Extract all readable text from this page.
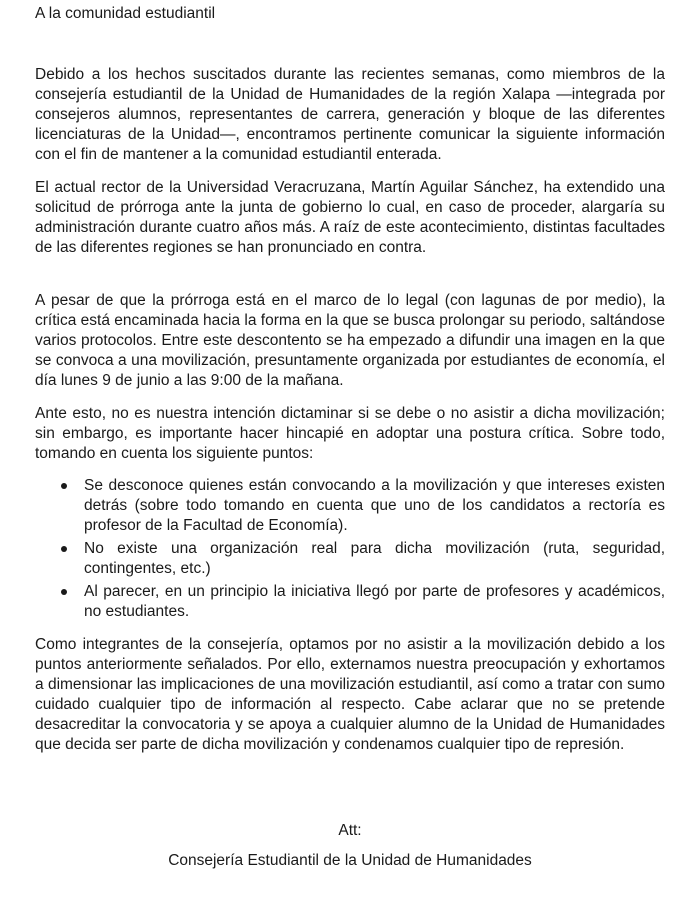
A la comunidad estudiantil

Debido a los hechos suscitados durante las recientes semanas, como miembros de la consejería estudiantil de la Unidad de Humanidades de la región Xalapa —integrada por consejeros alumnos, representantes de carrera, generación y bloque de las diferentes licenciaturas de la Unidad—, encontramos pertinente comunicar la siguiente información con el fin de mantener a la comunidad estudiantil enterada.

El actual rector de la Universidad Veracruzana, Martín Aguilar Sánchez, ha extendido una solicitud de prórroga ante la junta de gobierno lo cual, en caso de proceder, alargaría su administración durante cuatro años más. A raíz de este acontecimiento, distintas facultades de las diferentes regiones se han pronunciado en contra.

A pesar de que la prórroga está en el marco de lo legal (con lagunas de por medio), la crítica está encaminada hacia la forma en la que se busca prolongar su periodo, saltándose varios protocolos. Entre este descontento se ha empezado a difundir una imagen en la que se convoca a una movilización, presuntamente organizada por estudiantes de economía, el día lunes 9 de junio a las 9:00 de la mañana.

Ante esto, no es nuestra intención dictaminar si se debe o no asistir a dicha movilización; sin embargo, es importante hacer hincapié en adoptar una postura crítica. Sobre todo, tomando en cuenta los siguiente puntos:

Se desconoce quienes están convocando a la movilización y que intereses existen detrás (sobre todo tomando en cuenta que uno de los candidatos a rectoría es profesor de la Facultad de Economía).
No existe una organización real para dicha movilización (ruta, seguridad, contingentes, etc.)
Al parecer, en un principio la iniciativa llegó por parte de profesores y académicos, no estudiantes.

Como integrantes de la consejería, optamos por no asistir a la movilización debido a los puntos anteriormente señalados. Por ello, externamos nuestra preocupación y exhortamos a dimensionar las implicaciones de una movilización estudiantil, así como a tratar con sumo cuidado cualquier tipo de información al respecto. Cabe aclarar que no se pretende desacreditar la convocatoria y se apoya a cualquier alumno de la Unidad de Humanidades que decida ser parte de dicha movilización y condenamos cualquier tipo de represión.

Att:

Consejería Estudiantil de la Unidad de Humanidades
